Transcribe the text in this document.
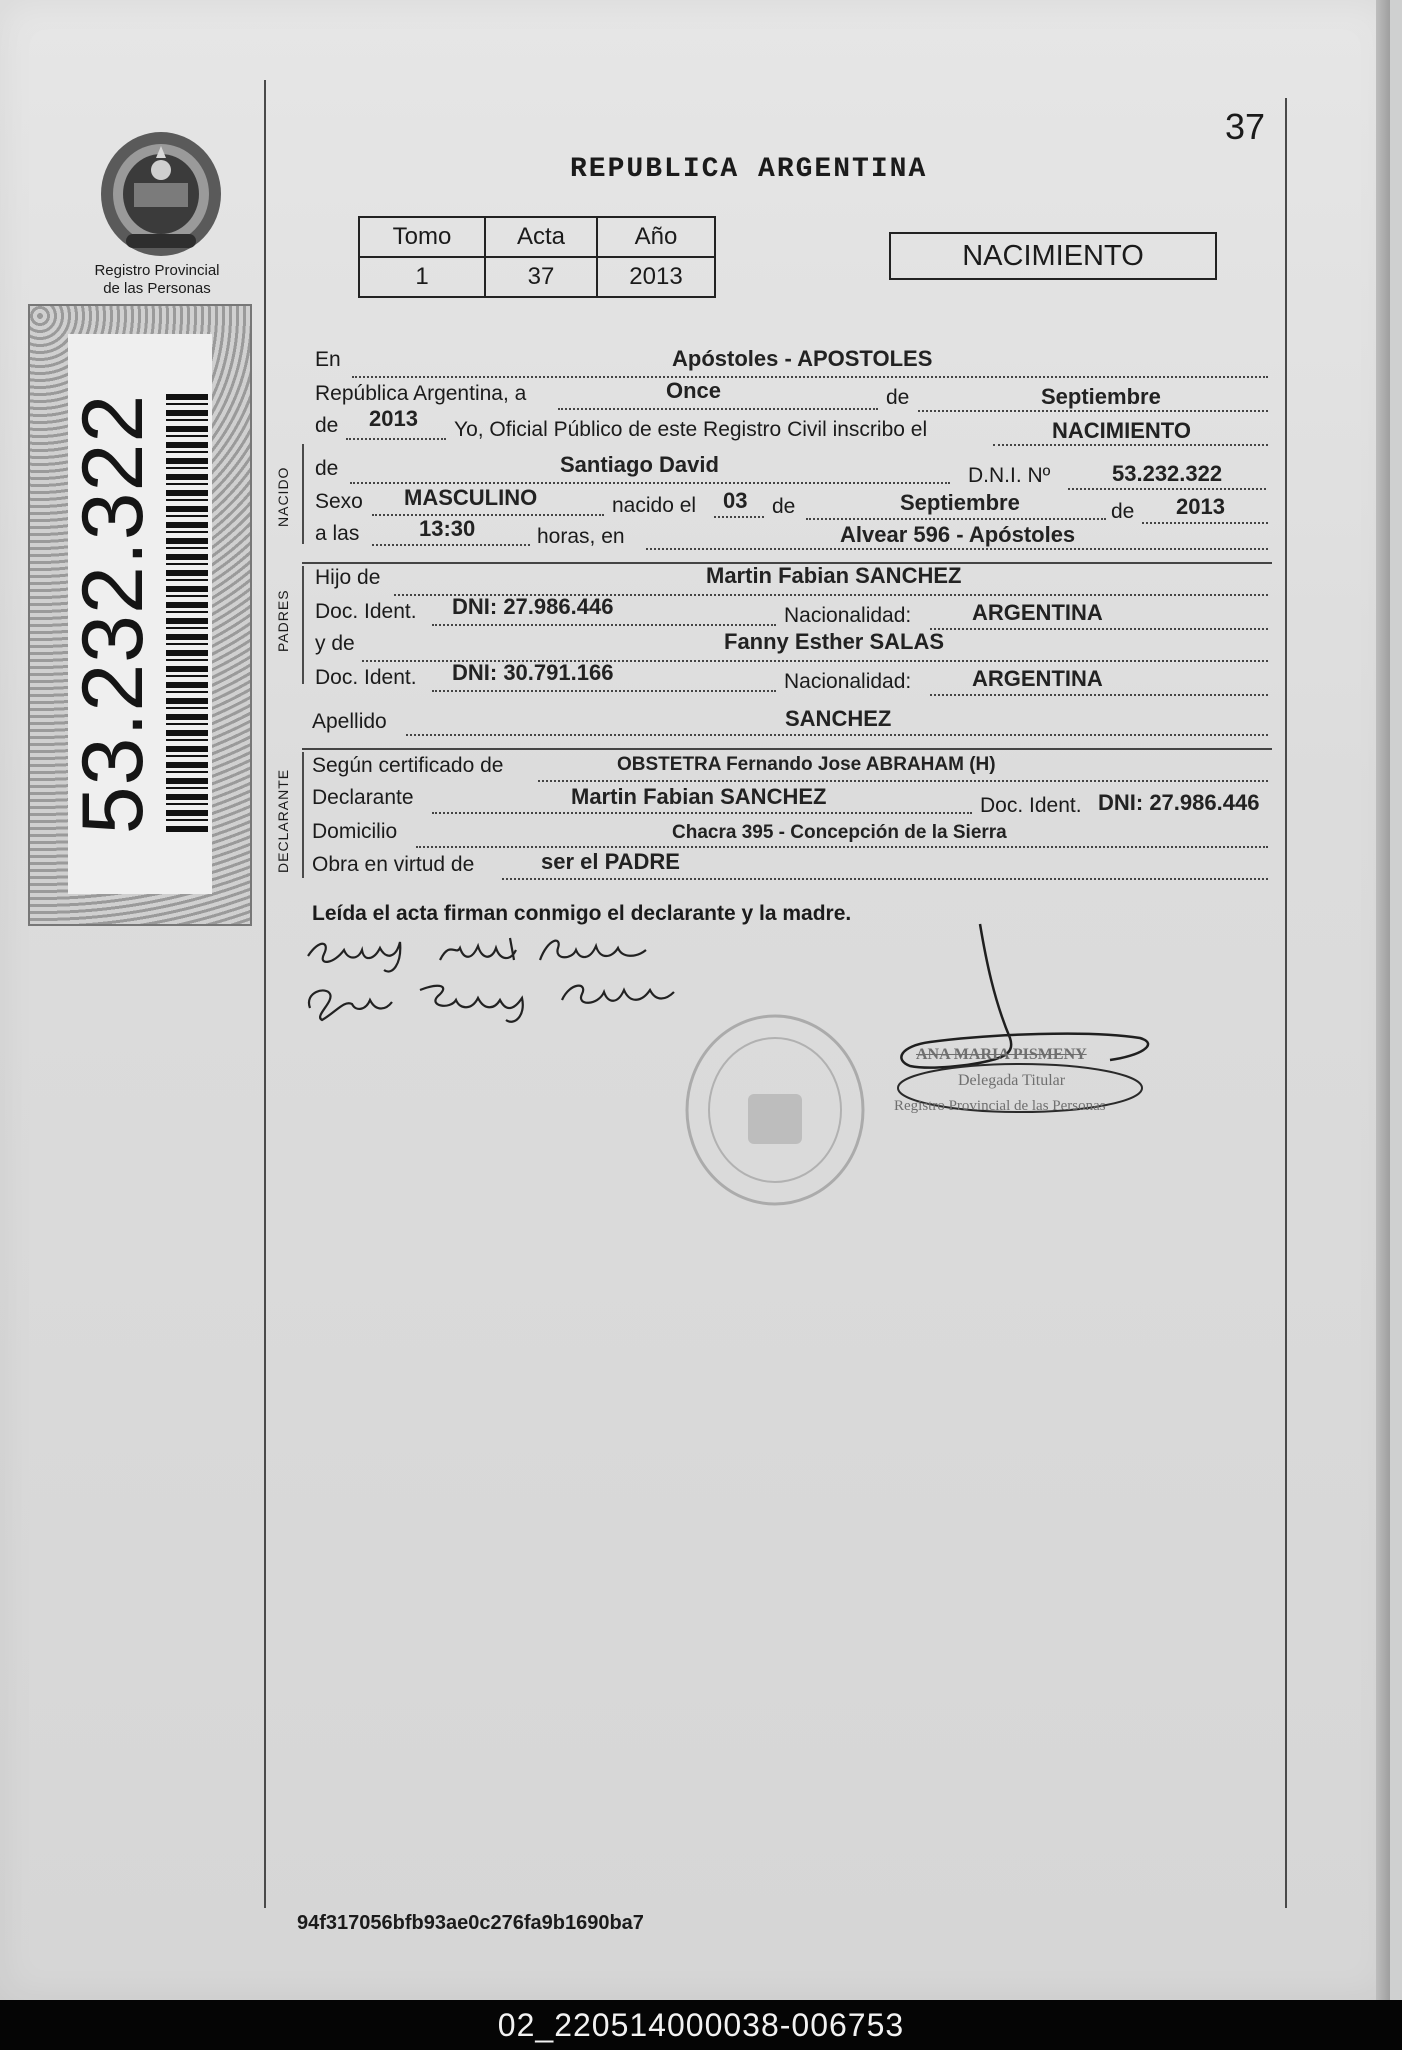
37
REPUBLICA ARGENTINA
Registro Provincial
de las Personas
53.232.322
Tomo	Acta	Año
1	37	2013
NACIMIENTO
En	Apóstoles - APOSTOLES
República Argentina, a	Once	de	Septiembre
de 2013 Yo, Oficial Público de este Registro Civil inscribo el	NACIMIENTO
NACIDO de	Santiago David	D.N.I. Nº	53.232.322
Sexo MASCULINO	nacido el 03 de	Septiembre	de 2013
a las	13:30	horas, en	Alvear 596 - Apóstoles
PADRES
Hijo de	Martin Fabian SANCHEZ
Doc. Ident. DNI: 27.986.446	Nacionalidad:	ARGENTINA
y de	Fanny Esther SALAS
Doc. Ident. DNI: 30.791.166	Nacionalidad:	ARGENTINA
Apellido	SANCHEZ
DECLARANTE
Según certificado de	OBSTETRA Fernando Jose ABRAHAM (H)
Declarante	Martin Fabian SANCHEZ	Doc. Ident. DNI: 27.986.446
Domicilio	Chacra 395 - Concepción de la Sierra
Obra en virtud de	ser el PADRE
Leída el acta firman conmigo el declarante y la madre.
ANA MARIA PISMENY
Delegada Titular
Registro Provincial de las Personas
94f317056bfb93ae0c276fa9b1690ba7
02_220514000038-006753
